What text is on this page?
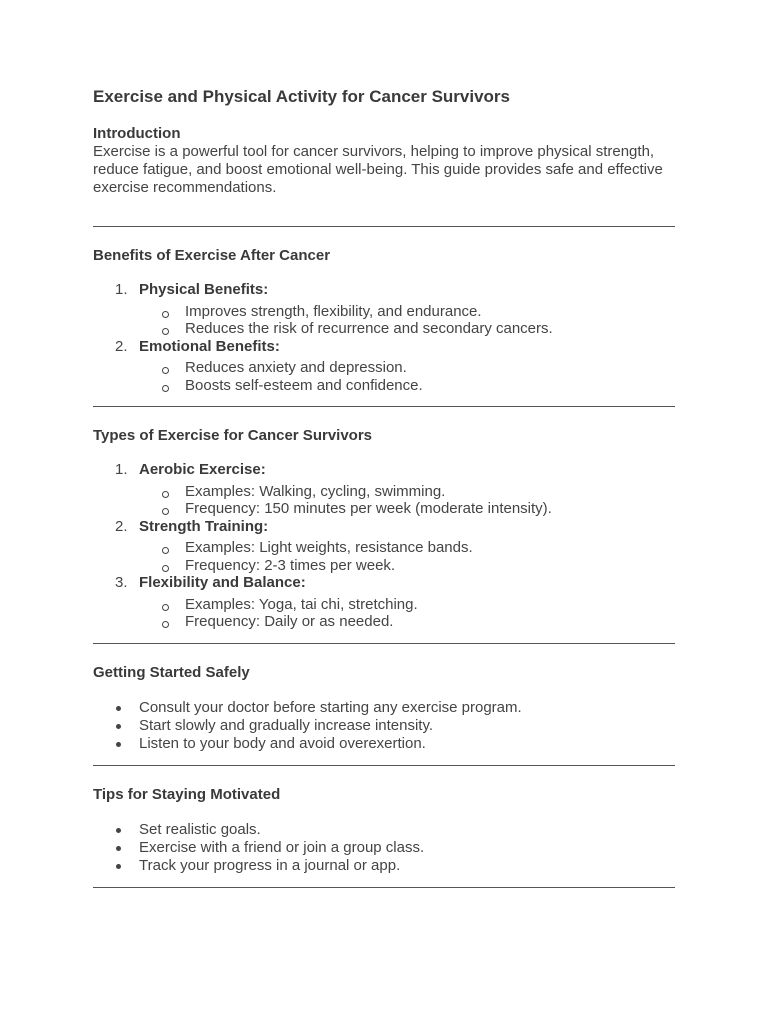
Exercise and Physical Activity for Cancer Survivors

Introduction

Exercise is a powerful tool for cancer survivors, helping to improve physical strength, reduce fatigue, and boost emotional well-being. This guide provides safe and effective exercise recommendations.

Benefits of Exercise After Cancer

1. Physical Benefits:
Improves strength, flexibility, and endurance.
Reduces the risk of recurrence and secondary cancers.
2. Emotional Benefits:
Reduces anxiety and depression.
Boosts self-esteem and confidence.

Types of Exercise for Cancer Survivors

1. Aerobic Exercise:
Examples: Walking, cycling, swimming.
Frequency: 150 minutes per week (moderate intensity).
2. Strength Training:
Examples: Light weights, resistance bands.
Frequency: 2-3 times per week.
3. Flexibility and Balance:
Examples: Yoga, tai chi, stretching.
Frequency: Daily or as needed.

Getting Started Safely

Consult your doctor before starting any exercise program.
Start slowly and gradually increase intensity.
Listen to your body and avoid overexertion.

Tips for Staying Motivated

Set realistic goals.
Exercise with a friend or join a group class.
Track your progress in a journal or app.
